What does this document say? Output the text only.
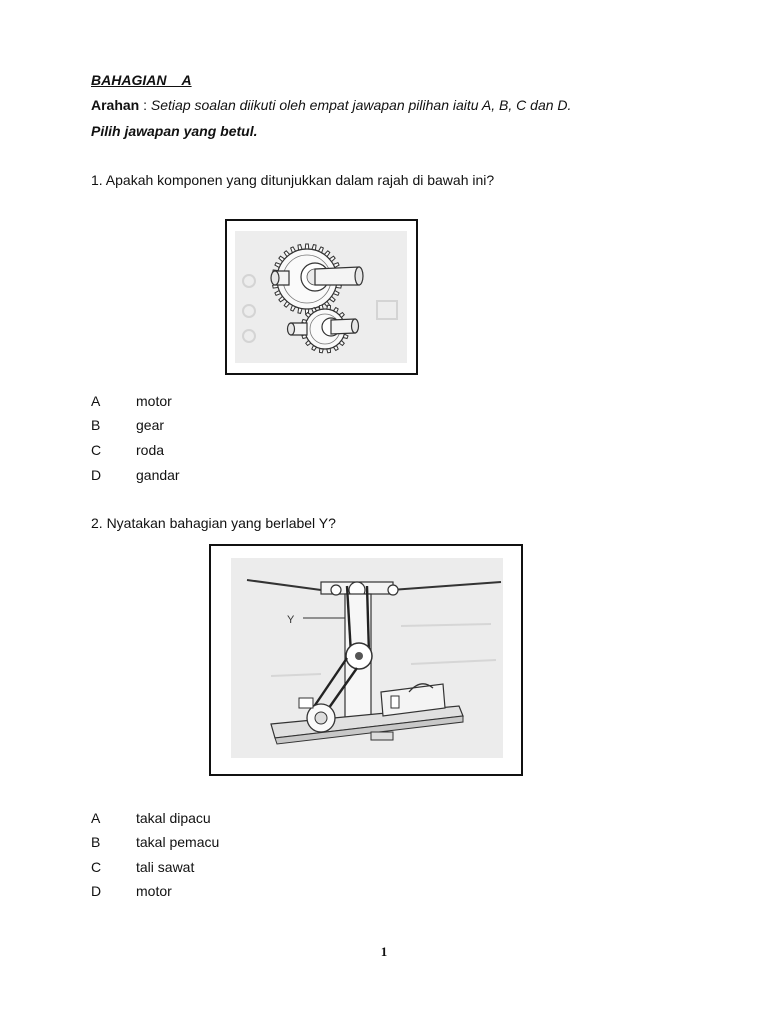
BAHAGIAN    A
Arahan : Setiap soalan diikuti oleh empat jawapan pilihan iaitu A, B, C dan D.
Pilih jawapan yang betul.
1. Apakah komponen yang ditunjukkan dalam rajah di bawah ini?
A	motor
B	gear
C	roda
D	gandar
2. Nyatakan bahagian yang berlabel Y?
Y
A	takal dipacu
B	takal pemacu
C	tali sawat
D	motor
1
